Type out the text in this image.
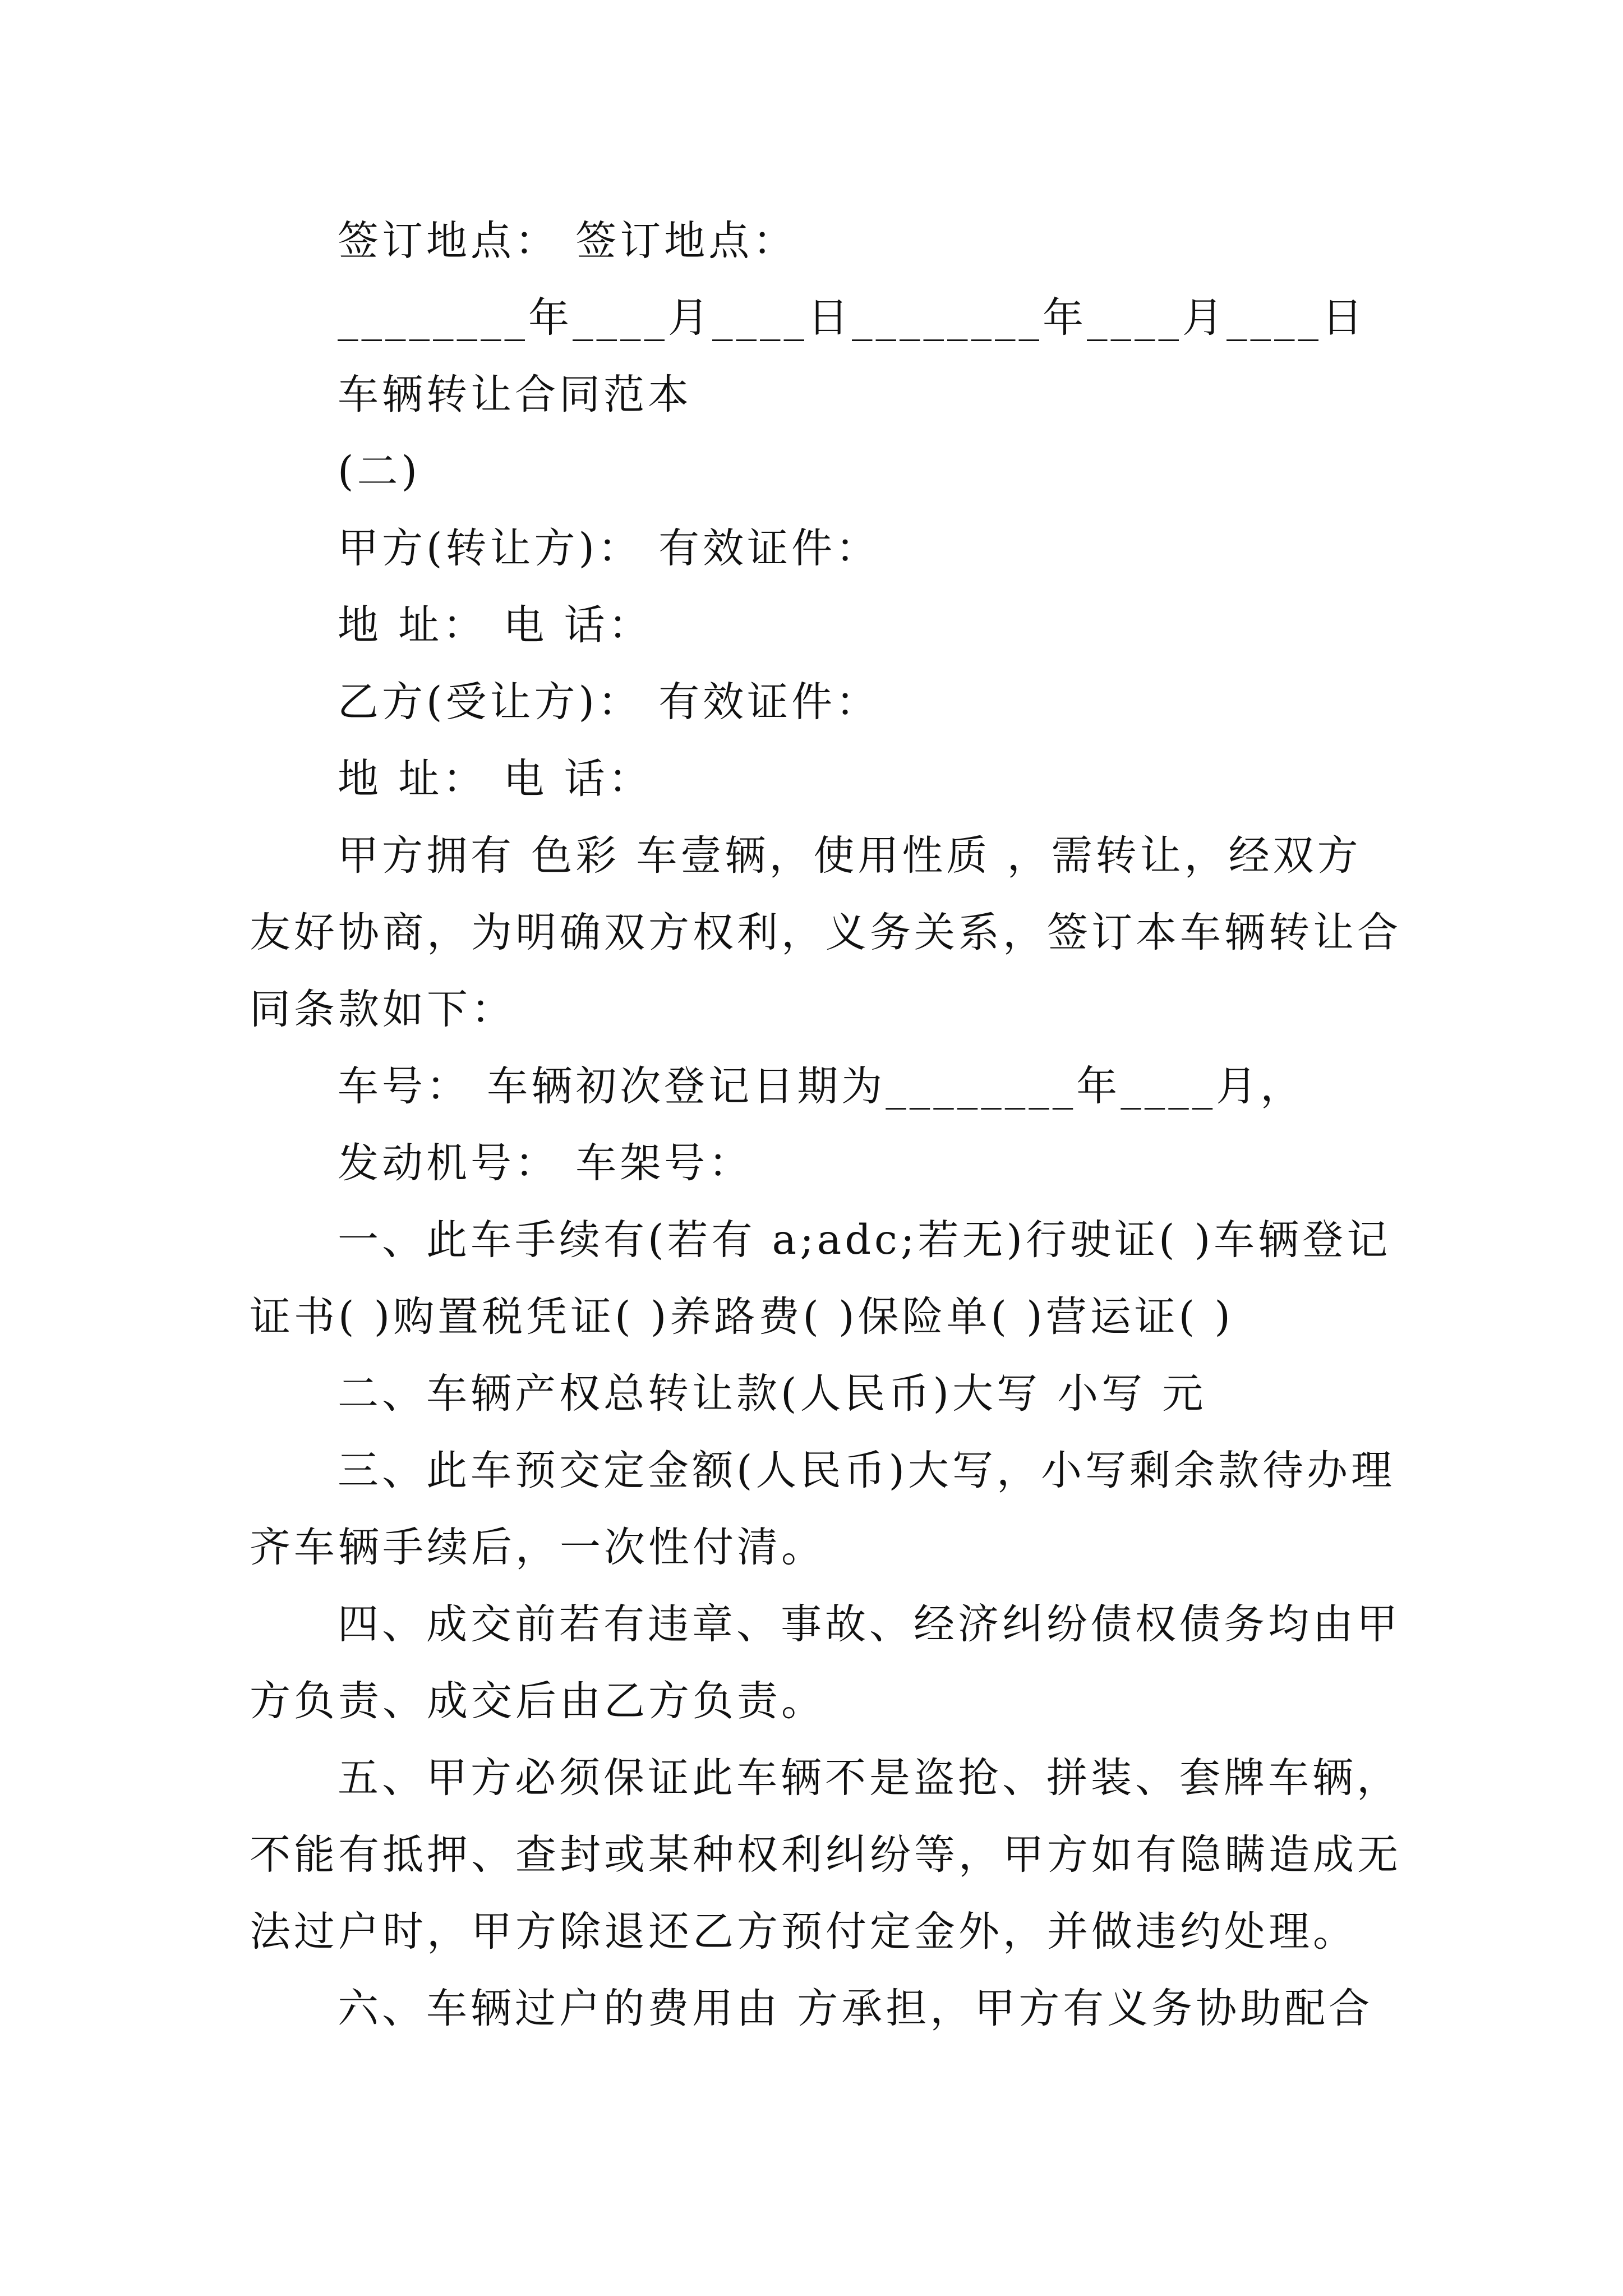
签订地点： 签订地点：
________年____月____日________年____月____日
车辆转让合同范本
(二)
甲方(转让方)： 有效证件：
地 址： 电 话：
乙方(受让方)： 有效证件：
地 址： 电 话：
甲方拥有 色彩 车壹辆，使用性质 ，需转让，经双方
友好协商，为明确双方权利，义务关系，签订本车辆转让合
同条款如下：
车号： 车辆初次登记日期为________年____月，
发动机号： 车架号：
一、此车手续有(若有 a;adc;若无)行驶证( )车辆登记
证书( )购置税凭证( )养路费( )保险单( )营运证( )
二、车辆产权总转让款(人民币)大写 小写 元
三、此车预交定金额(人民币)大写，小写剩余款待办理
齐车辆手续后，一次性付清。
四、成交前若有违章、事故、经济纠纷债权债务均由甲
方负责、成交后由乙方负责。
五、甲方必须保证此车辆不是盗抢、拼装、套牌车辆，
不能有抵押、查封或某种权利纠纷等，甲方如有隐瞒造成无
法过户时，甲方除退还乙方预付定金外，并做违约处理。
六、车辆过户的费用由 方承担，甲方有义务协助配合
